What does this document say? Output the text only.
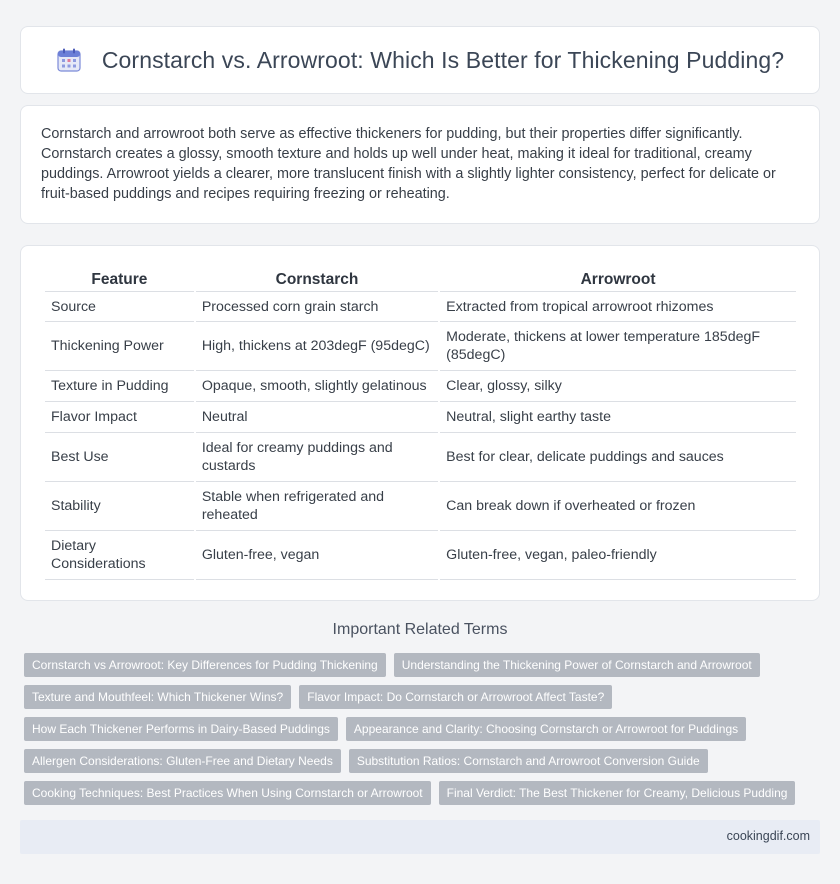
Cornstarch vs. Arrowroot: Which Is Better for Thickening Pudding?

Cornstarch and arrowroot both serve as effective thickeners for pudding, but their properties differ significantly. Cornstarch creates a glossy, smooth texture and holds up well under heat, making it ideal for traditional, creamy puddings. Arrowroot yields a clearer, more translucent finish with a slightly lighter consistency, perfect for delicate or fruit-based puddings and recipes requiring freezing or reheating.

Feature	Cornstarch	Arrowroot
Source	Processed corn grain starch	Extracted from tropical arrowroot rhizomes
Thickening Power	High, thickens at 203degF (95degC)	Moderate, thickens at lower temperature 185degF (85degC)
Texture in Pudding	Opaque, smooth, slightly gelatinous	Clear, glossy, silky
Flavor Impact	Neutral	Neutral, slight earthy taste
Best Use	Ideal for creamy puddings and custards	Best for clear, delicate puddings and sauces
Stability	Stable when refrigerated and reheated	Can break down if overheated or frozen
Dietary Considerations	Gluten-free, vegan	Gluten-free, vegan, paleo-friendly
Important Related Terms
Cornstarch vs Arrowroot: Key Differences for Pudding Thickening	Understanding the Thickening Power of Cornstarch and Arrowroot
Texture and Mouthfeel: Which Thickener Wins?	Flavor Impact: Do Cornstarch or Arrowroot Affect Taste?
How Each Thickener Performs in Dairy-Based Puddings	Appearance and Clarity: Choosing Cornstarch or Arrowroot for Puddings
Allergen Considerations: Gluten-Free and Dietary Needs	Substitution Ratios: Cornstarch and Arrowroot Conversion Guide
Cooking Techniques: Best Practices When Using Cornstarch or Arrowroot	Final Verdict: The Best Thickener for Creamy, Delicious Pudding
cookingdif.com
